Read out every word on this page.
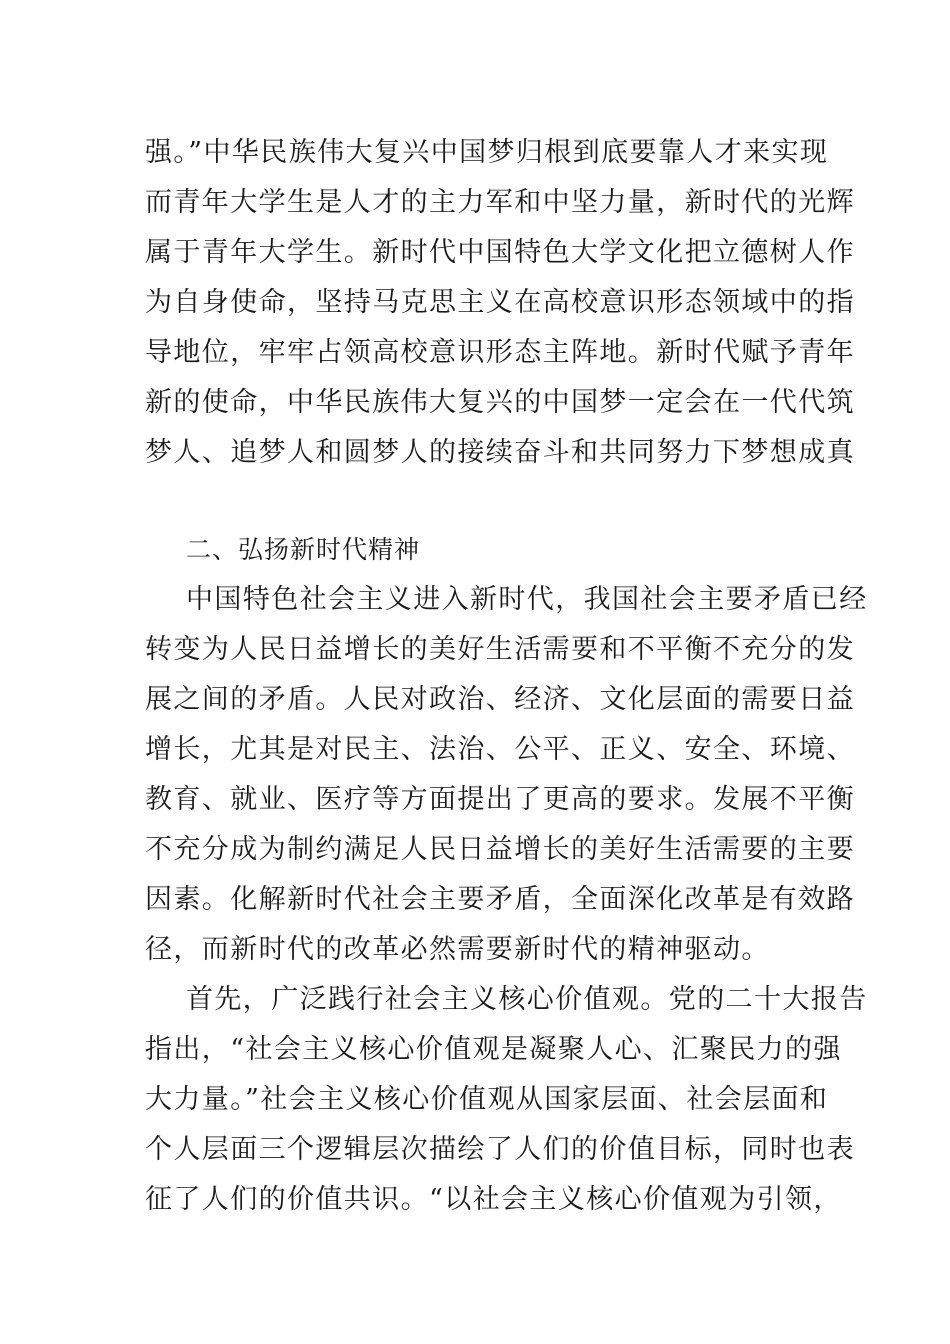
强。”中华民族伟大复兴中国梦归根到底要靠人才来实现
而青年大学生是人才的主力军和中坚力量，新时代的光辉
属于青年大学生。新时代中国特色大学文化把立德树人作
为自身使命，坚持马克思主义在高校意识形态领域中的指
导地位，牢牢占领高校意识形态主阵地。新时代赋予青年
新的使命，中华民族伟大复兴的中国梦一定会在一代代筑
梦人、追梦人和圆梦人的接续奋斗和共同努力下梦想成真
二、弘扬新时代精神
中国特色社会主义进入新时代，我国社会主要矛盾已经
转变为人民日益增长的美好生活需要和不平衡不充分的发
展之间的矛盾。人民对政治、经济、文化层面的需要日益
增长，尤其是对民主、法治、公平、正义、安全、环境、
教育、就业、医疗等方面提出了更高的要求。发展不平衡
不充分成为制约满足人民日益增长的美好生活需要的主要
因素。化解新时代社会主要矛盾，全面深化改革是有效路
径，而新时代的改革必然需要新时代的精神驱动。
首先，广泛践行社会主义核心价值观。党的二十大报告
指出，“社会主义核心价值观是凝聚人心、汇聚民力的强
大力量。”社会主义核心价值观从国家层面、社会层面和
个人层面三个逻辑层次描绘了人们的价值目标，同时也表
征了人们的价值共识。“以社会主义核心价值观为引领，
